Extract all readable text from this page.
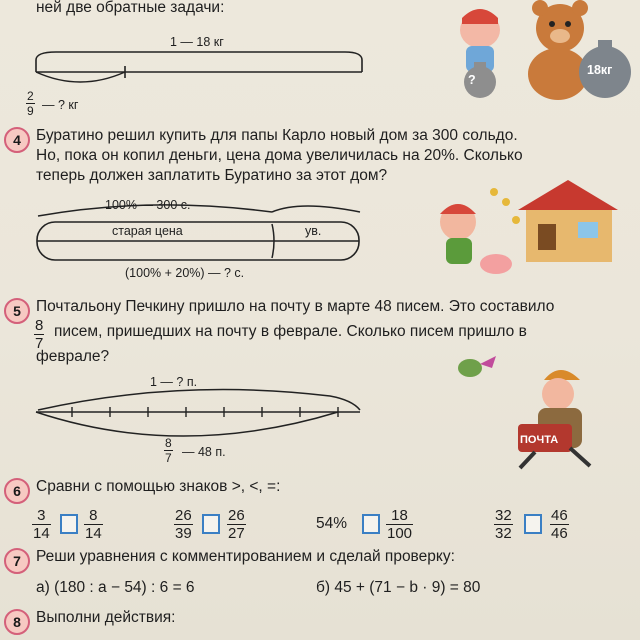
ней две обратные задачи:
1 — 18 кг
$\frac{2}{9}$ — ? кг
?
18кг
4 Буратино решил купить для папы Карло новый дом за 300 сольдо.
Но, пока он копил деньги, цена дома увеличилась на 20%. Сколько
теперь должен заплатить Буратино за этот дом?
100% — 300 с.
старая цена	ув.
(100% + 20%) — ? с.
5 Почтальону Печкину пришло на почту в марте 48 писем. Это составило
$\frac{8}{7}$ писем, пришедших на почту в феврале. Сколько писем пришло в
феврале?
1 — ? п.
$\frac{8}{7}$ — 48 п.
ПОЧТА
6 Сравни с помощью знаков >, <, =:
$\frac{3}{14} \frac{8}{14}$	$\frac{26}{39} \frac{26}{27}$	54%	$\frac{18}{100}$	$\frac{32}{32} \frac{46}{46}$
7 Реши уравнения с комментированием и сделай проверку:
а) (180 : a − 54) : 6 = 6	б) 45 + (71 − b · 9) = 80
8 Выполни действия:
